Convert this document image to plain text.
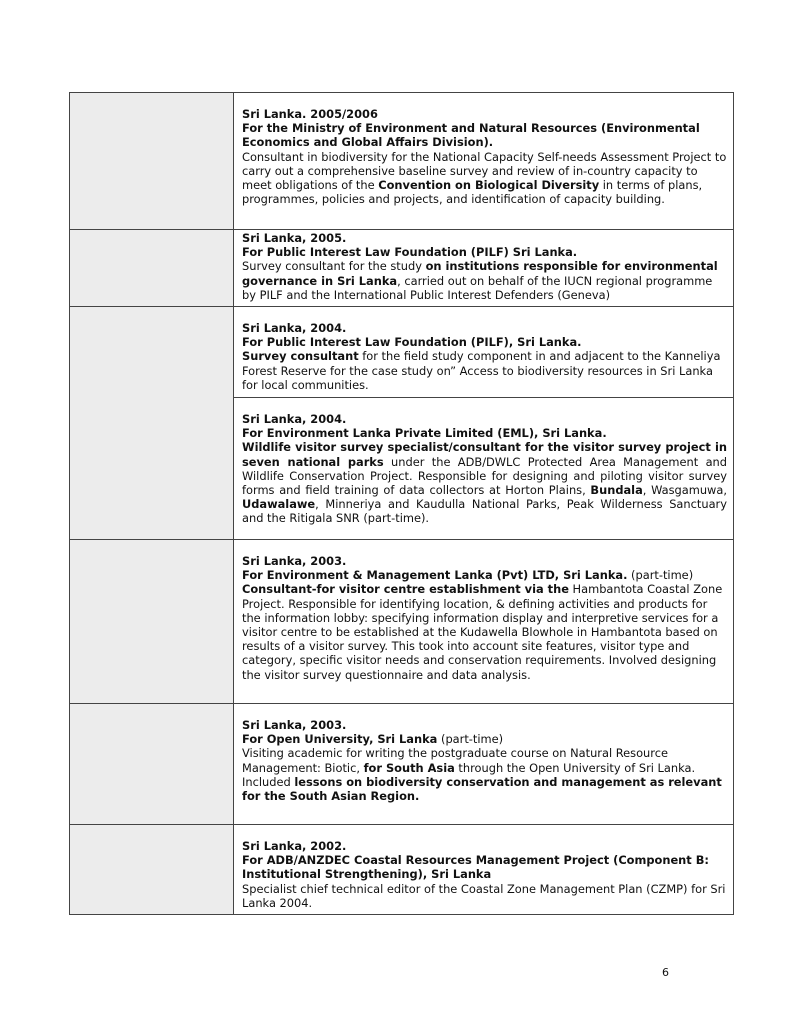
	Sri Lanka. 2005/2006

For the Ministry of Environment and Natural Resources (Environmental Economics and Global Affairs Division).

Consultant in biodiversity for the National Capacity Self-needs Assessment Project to carry out a comprehensive baseline survey and review of in-country capacity to meet obligations of the Convention on Biological Diversity in terms of plans, programmes, policies and projects, and identification of capacity building.

	Sri Lanka, 2005.

For Public Interest Law Foundation (PILF) Sri Lanka.

Survey consultant for the study on institutions responsible for environmental governance in Sri Lanka, carried out on behalf of the IUCN regional programme by PILF and the International Public Interest Defenders (Geneva)

	Sri Lanka, 2004.

For Public Interest Law Foundation (PILF), Sri Lanka.

Survey consultant for the field study component in and adjacent to the Kanneliya Forest Reserve for the case study on” Access to biodiversity resources in Sri Lanka for local communities.

	Sri Lanka, 2004.

For Environment Lanka Private Limited (EML), Sri Lanka.

Wildlife visitor survey specialist/consultant for the visitor survey project in seven national parks under the ADB/DWLC Protected Area Management and Wildlife Conservation Project. Responsible for designing and piloting visitor survey forms and field training of data collectors at Horton Plains, Bundala, Wasgamuwa, Udawalawe, Minneriya and Kaudulla National Parks, Peak Wilderness Sanctuary and the Ritigala SNR (part-time).

	Sri Lanka, 2003.

For Environment & Management Lanka (Pvt) LTD, Sri Lanka. (part-time)

Consultant-for visitor centre establishment via the Hambantota Coastal Zone Project. Responsible for identifying location, & defining activities and products for the information lobby: specifying information display and interpretive services for a visitor centre to be established at the Kudawella Blowhole in Hambantota based on results of a visitor survey. This took into account site features, visitor type and category, specific visitor needs and conservation requirements. Involved designing the visitor survey questionnaire and data analysis.

	Sri Lanka, 2003.

For Open University, Sri Lanka (part-time)

Visiting academic for writing the postgraduate course on Natural Resource Management: Biotic, for South Asia through the Open University of Sri Lanka. Included lessons on biodiversity conservation and management as relevant for the South Asian Region.

	Sri Lanka, 2002.

For ADB/ANZDEC Coastal Resources Management Project (Component B: Institutional Strengthening), Sri Lanka

Specialist chief technical editor of the Coastal Zone Management Plan (CZMP) for Sri Lanka 2004.

6
